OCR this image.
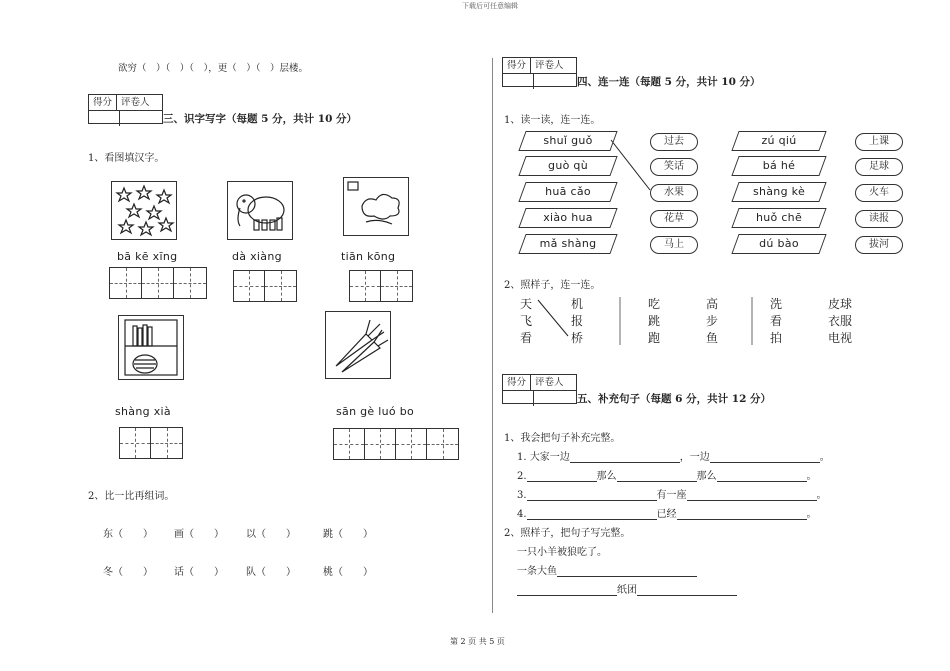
下载后可任意编辑
欲穷（　）（　）（　），更（　）（　）层楼。
得分 评卷人
三、识字写字（每题 5 分，共计 10 分）
1、看图填汉字。
bā kē xīng	dà xiàng	tiān kōng
shàng xià	sān gè luó bo
2、比一比再组词。
东（　　） 画（　　） 以（　　）	跳（　　）
冬（　　） 话（　　） 队（　　）	桃（　　）
得分 评卷人
四、连一连（每题 5 分，共计 10 分）
1、读一读，连一连。
shuǐ guǒ
guò qù
huā cǎo
xiào hua
mǎ shàng
过去
笑话
水果
花草
马上
zú qiú
bá hé
shàng kè
huǒ chē
dú bào
上课
足球
火车
读报
拔河
2、照样子，连一连。
天	机	吃	高	洗	皮球
飞	报	跳	步	看	衣服
看	桥	跑	鱼	拍	电视
得分 评卷人
五、补充句子（每题 6 分，共计 12 分）
1、我会把句子补充完整。
1. 大家一边	，一边	。
2.	那么	那么	。
3.	有一座	。
4.	已经	。
2、照样子，把句子写完整。
一只小羊被狼吃了。
一条大鱼
纸团
第 2 页 共 5 页
